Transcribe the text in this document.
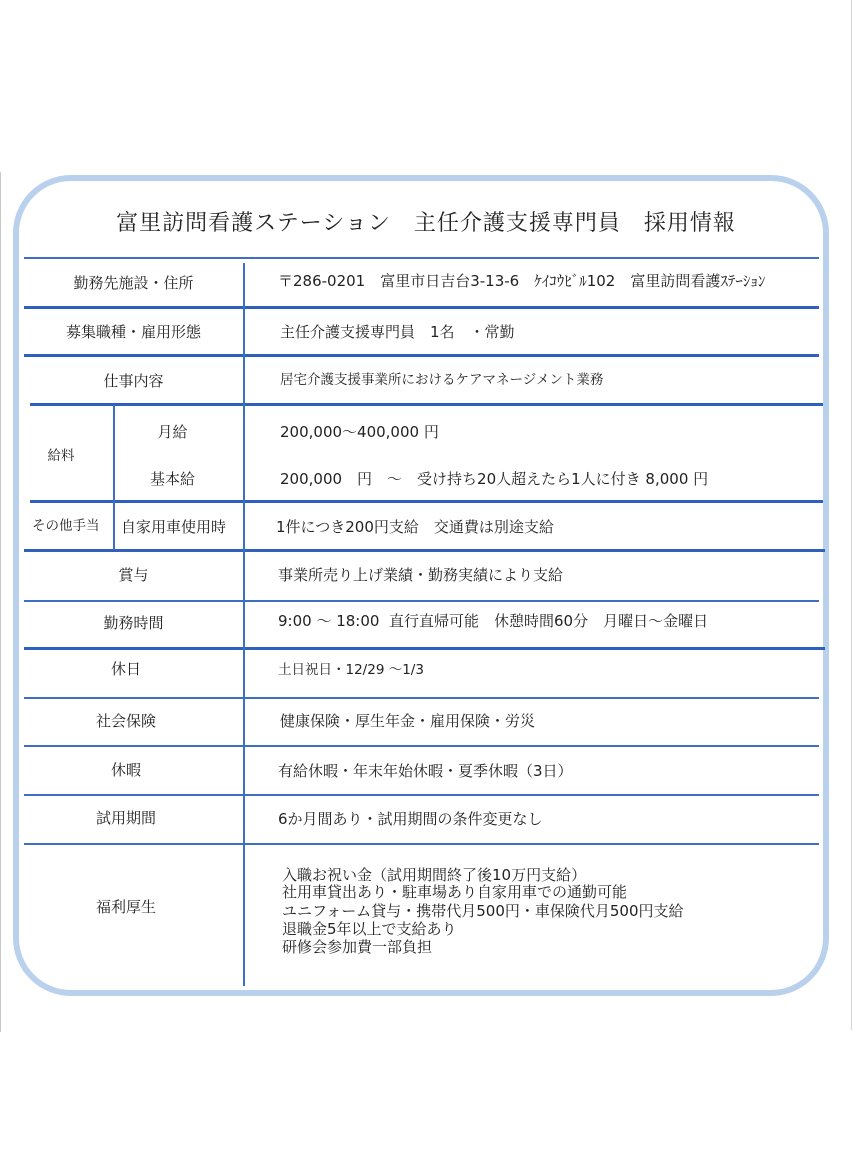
富里訪問看護ステーション　主任介護支援専門員　採用情報
勤務先施設・住所	〒286-0201　富里市日吉台3-13-6　ｹｲｺｳﾋﾞﾙ102　富里訪問看護ｽﾃｰｼｮﾝ
募集職種・雇用形態	主任介護支援専門員　1名　・常勤
仕事内容	居宅介護支援事業所におけるケアマネージメント業務
給料
月給	200,000～400,000 円
基本給	200,000　円　～　受け持ち20人超えたら1人に付き 8,000 円
その他手当 自家用車使用時	1件につき200円支給　交通費は別途支給
賞与	事業所売り上げ業績・勤務実績により支給
勤務時間	9:00 ～ 18:00  直行直帰可能　休憩時間60分　月曜日～金曜日
休日	土日祝日・12/29 ～1/3
社会保険	健康保険・厚生年金・雇用保険・労災
休暇	有給休暇・年末年始休暇・夏季休暇（3日）
試用期間	6か月間あり・試用期間の条件変更なし
福利厚生
入職お祝い金（試用期間終了後10万円支給）
社用車貸出あり・駐車場あり自家用車での通勤可能
ユニフォーム貸与・携帯代月500円・車保険代月500円支給
退職金5年以上で支給あり
研修会参加費一部負担
